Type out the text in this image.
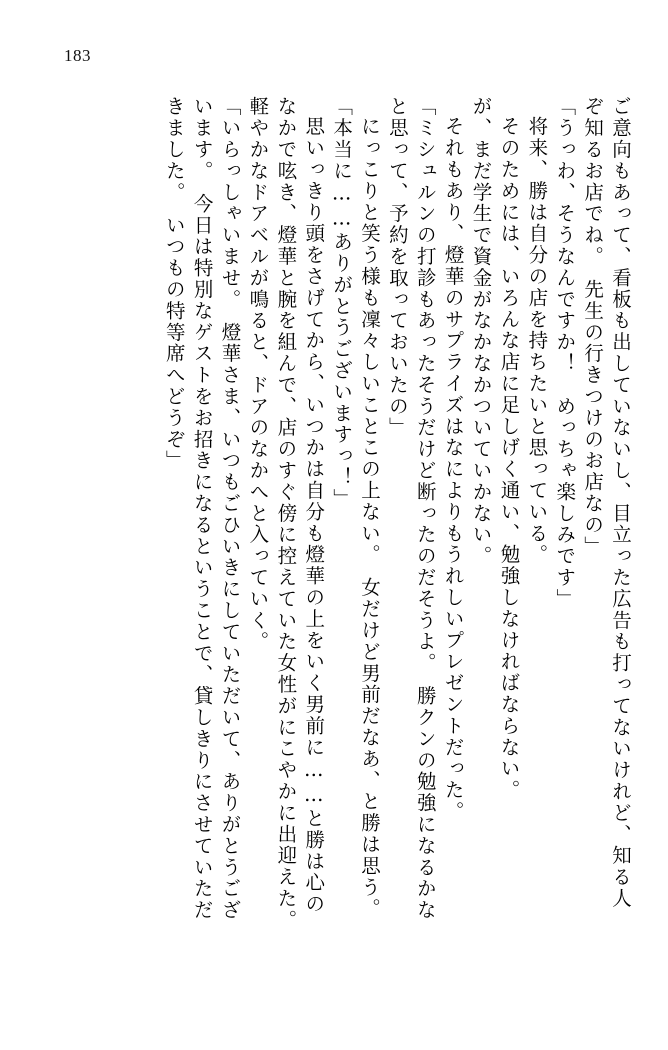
183
ご意向もあって、看板も出していないし、目立った広告も打ってないけれど、知る人
ぞ知るお店でね。　先生の行きつけのお店なの」
「うっわ、そうなんですか！　めっちゃ楽しみです」
将来、勝は自分の店を持ちたいと思っている。
そのためには、いろんな店に足しげく通い、勉強しなければならない。
が、まだ学生で資金がなかなかついていかない。
それもあり、燈華のサプライズはなによりもうれしいプレゼントだった。
「ミシュルンの打診もあったそうだけど断ったのだそうよ。　勝クンの勉強になるかな
と思って、予約を取っておいたの」
にっこりと笑う様も凜々しいことこの上ない。　女だけど男前だなあ、と勝は思う。
「本当に……ありがとうございますっ！」
思いっきり頭をさげてから、いつかは自分も燈華の上をいく男前に……と勝は心の
なかで呟き、燈華と腕を組んで、店のすぐ傍に控えていた女性がにこやかに出迎えた。
軽やかなドアベルが鳴ると、ドアのなかへと入っていく。
「いらっしゃいませ。　燈華さま、いつもごひいきにしていただいて、ありがとうござ
います。　今日は特別なゲストをお招きになるということで、貸しきりにさせていただ
きました。　いつもの特等席へどうぞ」
